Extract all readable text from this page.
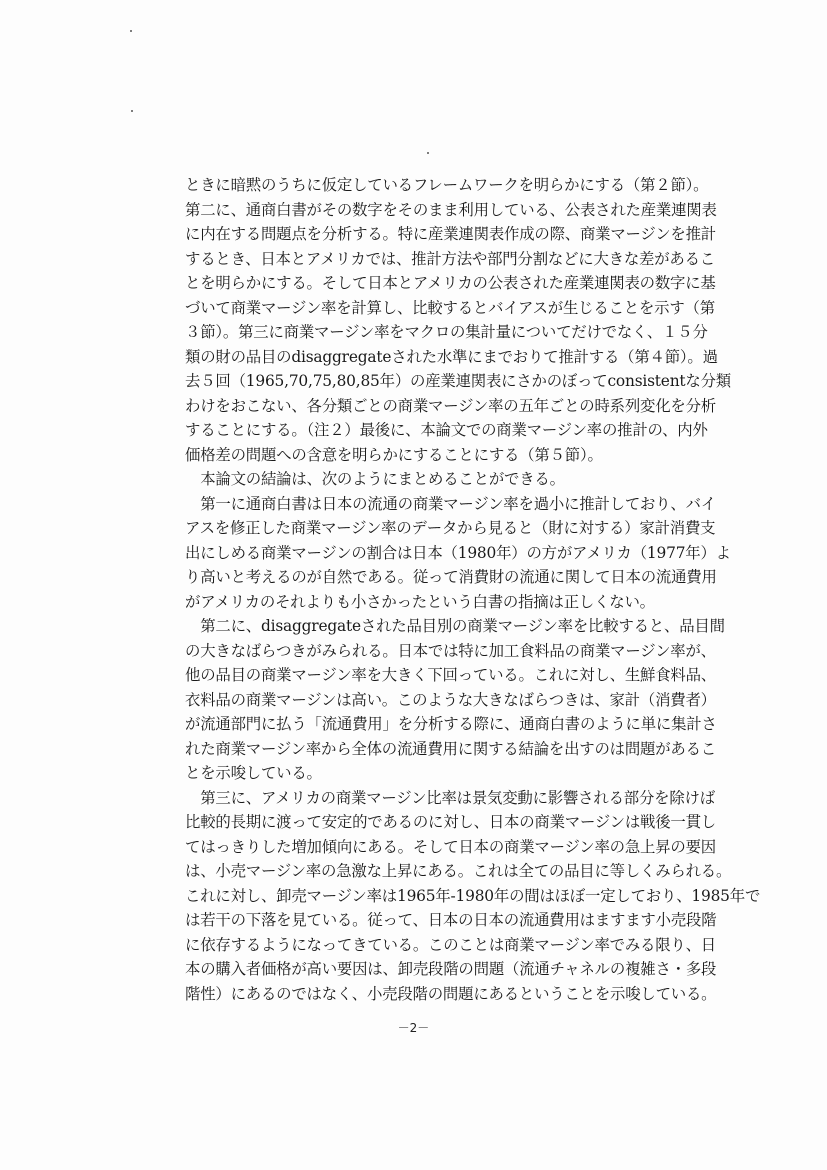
ときに暗黙のうちに仮定しているフレームワークを明らかにする（第２節）。
第二に、通商白書がその数字をそのまま利用している、公表された産業連関表
に内在する問題点を分析する。特に産業連関表作成の際、商業マージンを推計
するとき、日本とアメリカでは、推計方法や部門分割などに大きな差があるこ
とを明らかにする。そして日本とアメリカの公表された産業連関表の数字に基
づいて商業マージン率を計算し、比較するとバイアスが生じることを示す（第
３節）。第三に商業マージン率をマクロの集計量についてだけでなく、１５分
類の財の品目のdisaggregateされた水準にまでおりて推計する（第４節）。過
去５回（1965,70,75,80,85年）の産業連関表にさかのぼってconsistentな分類
わけをおこない、各分類ごとの商業マージン率の五年ごとの時系列変化を分析
することにする。（注２）最後に、本論文での商業マージン率の推計の、内外
価格差の問題への含意を明らかにすることにする（第５節）。
　本論文の結論は、次のようにまとめることができる。
　第一に通商白書は日本の流通の商業マージン率を過小に推計しており、バイ
アスを修正した商業マージン率のデータから見ると（財に対する）家計消費支
出にしめる商業マージンの割合は日本（1980年）の方がアメリカ（1977年）よ
り高いと考えるのが自然である。従って消費財の流通に関して日本の流通費用
がアメリカのそれよりも小さかったという白書の指摘は正しくない。
　第二に、disaggregateされた品目別の商業マージン率を比較すると、品目間
の大きなばらつきがみられる。日本では特に加工食料品の商業マージン率が、
他の品目の商業マージン率を大きく下回っている。これに対し、生鮮食料品、
衣料品の商業マージンは高い。このような大きなばらつきは、家計（消費者）
が流通部門に払う「流通費用」を分析する際に、通商白書のように単に集計さ
れた商業マージン率から全体の流通費用に関する結論を出すのは問題があるこ
とを示唆している。
　第三に、アメリカの商業マージン比率は景気変動に影響される部分を除けば
比較的長期に渡って安定的であるのに対し、日本の商業マージンは戦後一貫し
てはっきりした増加傾向にある。そして日本の商業マージン率の急上昇の要因
は、小売マージン率の急激な上昇にある。これは全ての品目に等しくみられる。
これに対し、卸売マージン率は1965年-1980年の間はほぼ一定しており、1985年で
は若干の下落を見ている。従って、日本の日本の流通費用はますます小売段階
に依存するようになってきている。このことは商業マージン率でみる限り、日
本の購入者価格が高い要因は、卸売段階の問題（流通チャネルの複雑さ・多段
階性）にあるのではなく、小売段階の問題にあるということを示唆している。
－2－
